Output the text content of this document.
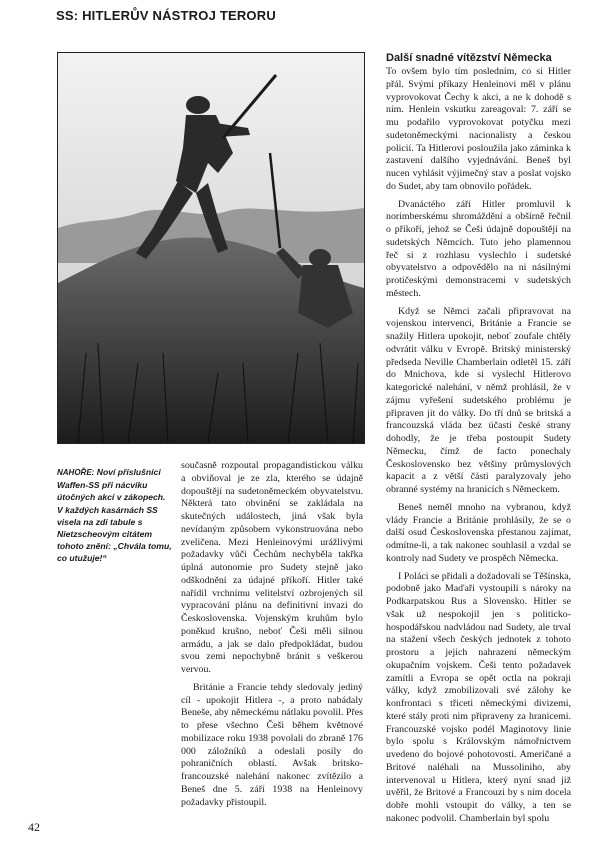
SS: HITLERŮV NÁSTROJ TERORU
NAHOŘE: Noví příslušníci Waffen-SS při nácviku útočných akcí v zákopech. V každých kasárnách SS visela na zdi tabule s Nietzscheovým citátem tohoto znění: „Chvála tomu, co utužuje!“

současně rozpoutal propagandistickou válku a obviňoval je ze zla, kterého se údajně dopouštějí na sudetoněmeckém obyvatelstvu. Některá tato obvinění se zakládala na skutečných událostech, jiná však byla nevídaným způsobem vykonstruována nebo zveličena. Mezi Henleinovými urážlivými požadavky vůči Čechům nechyběla takřka úplná autonomie pro Sudety stejně jako odškodnění za údajné příkoří. Hitler také nařídil vrchnímu velitelství ozbrojených sil vypracování plánu na definitivní invazi do Československa. Vojenským kruhům bylo poněkud krušno, neboť Češi měli silnou armádu, a jak se dalo předpokládat, budou svou zemi nepochybně bránit s veškerou vervou.

Británie a Francie tehdy sledovaly jediný cíl - upokojit Hitlera -, a proto nabádaly Beneše, aby německému nátlaku povolil. Přes to přese všechno Češi během květnové mobilizace roku 1938 povolali do zbraně 176 000 záložníků a odeslali posily do pohraničních oblastí. Avšak britsko-francouzské nalehání nakonec zvítězilo a Beneš dne 5. září 1938 na Henleinovy požadavky přistoupil.

Další snadné vítězství Německa

To ovšem bylo tím posledním, co si Hitler přál. Svými příkazy Henleinovi měl v plánu vyprovokovat Čechy k akci, a ne k dohodě s ním. Henlein vskutku zareagoval: 7. září se mu podařilo vyprovokovat potyčku mezi sudetoněmeckými nacionalisty a českou policií. Ta Hitlerovi posloužila jako záminka k zastavení dalšího vyjednávání. Beneš byl nucen vyhlásit výjimečný stav a poslat vojsko do Sudet, aby tam obnovilo pořádek.

Dvanáctého září Hitler promluvil k norimberskému shromáždění a obšírně řečnil o příkoří, jehož se Češi údajně dopouštějí na sudetských Němcích. Tuto jeho plamennou řeč si z rozhlasu vyslechlo i sudetské obyvatelstvo a odpovědělo na ni násilnými protičeskými demonstracemi v sudetských městech.

Když se Němci začali připravovat na vojenskou intervenci, Británie a Francie se snažily Hitlera upokojit, neboť zoufale chtěly odvrátit válku v Evropě. Britský ministerský předseda Neville Chamberlain odletěl 15. září do Mnichova, kde si vyslechl Hitlerovo kategorické nalehání, v němž prohlásil, že v zájmu vyřešení sudetského problému je připraven jít do války. Do tří dnů se britská a francouzská vláda bez účasti české strany dohodly, že je třeba postoupit Sudety Německu, čímž de facto ponechaly Československo bez většiny průmyslových kapacit a z větší části paralyzovaly jeho obranné systémy na hranicích s Německem.

Beneš neměl mnoho na vybranou, když vlády Francie a Británie prohlásily, že se o další osud Československa přestanou zajímat, odmítne-li, a tak nakonec souhlasil a vzdal se kontroly nad Sudety ve prospěch Německa.

I Poláci se přidali a dožadovali se Těšínska, podobně jako Maďaři vystoupili s nároky na Podkarpatskou Rus a Slovensko. Hitler se však už nespokojil jen s politicko-hospodářskou nadvládou nad Sudety, ale trval na stažení všech českých jednotek z tohoto prostoru a jejich nahrazení německým okupačním vojskem. Češi tento požadavek zamítli a Evropa se opět octla na pokraji války, když zmobilizovali své zálohy ke konfrontaci s třiceti německými divizemi, které stály proti nim připraveny za hranicemi. Francouzské vojsko podél Maginotovy linie bylo spolu s Královským námořnictvem uvedeno do bojové pohotovosti. Američané a Britové naléhali na Mussoliniho, aby intervenoval u Hitlera, který nyní snad již uvěřil, že Britové a Francouzi by s ním docela dobře mohli vstoupit do války, a ten se nakonec podvolil. Chamberlain byl spolu

42
